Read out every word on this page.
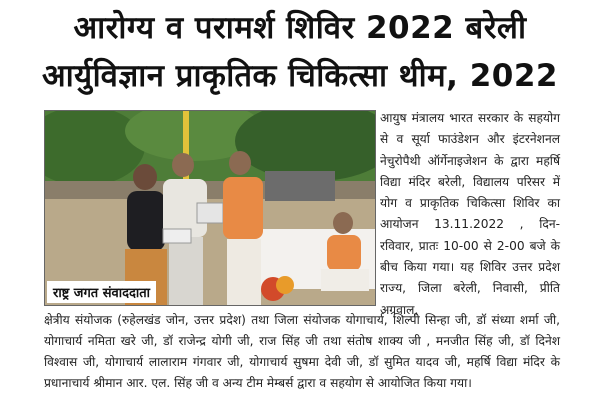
आरोग्य व परामर्श शिविर 2022 बरेली
आर्युविज्ञान प्राकृतिक चिकित्सा थीम, 2022
राष्ट्र जगत संवाददाता
आयुष मंत्रालय भारत सरकार के सहयोग से व सूर्या फाउंडेशन और इंटरनेशनल नेचुरोपैथी ऑर्गेनाइजेशन के द्वारा महर्षि विद्या मंदिर बरेली, विद्यालय परिसर में योग व प्राकृतिक चिकित्सा शिविर का आयोजन 13.11.2022 , दिन- रविवार, प्रातः 10-00 से 2-00 बजे के बीच किया गया। यह शिविर उत्तर प्रदेश राज्य, जिला बरेली, निवासी, प्रीति अग्रवाल,
क्षेत्रीय संयोजक (रुहेलखंड जोन, उत्तर प्रदेश) तथा जिला संयोजक योगाचार्य, शिल्पी सिन्हा जी, डॉ संध्या शर्मा जी, योगाचार्य नमिता खरे जी, डॉ राजेन्द्र योगी जी, राज सिंह जी तथा संतोष शाक्य जी , मनजीत सिंह जी, डॉ दिनेश विश्वास जी, योगाचार्य लालाराम गंगवार जी, योगाचार्य सुषमा देवी जी, डॉ सुमित यादव जी, महर्षि विद्या मंदिर के प्रधानाचार्य श्रीमान आर. एल. सिंह जी व अन्य टीम मेम्बर्स द्वारा व सहयोग से आयोजित किया गया।
